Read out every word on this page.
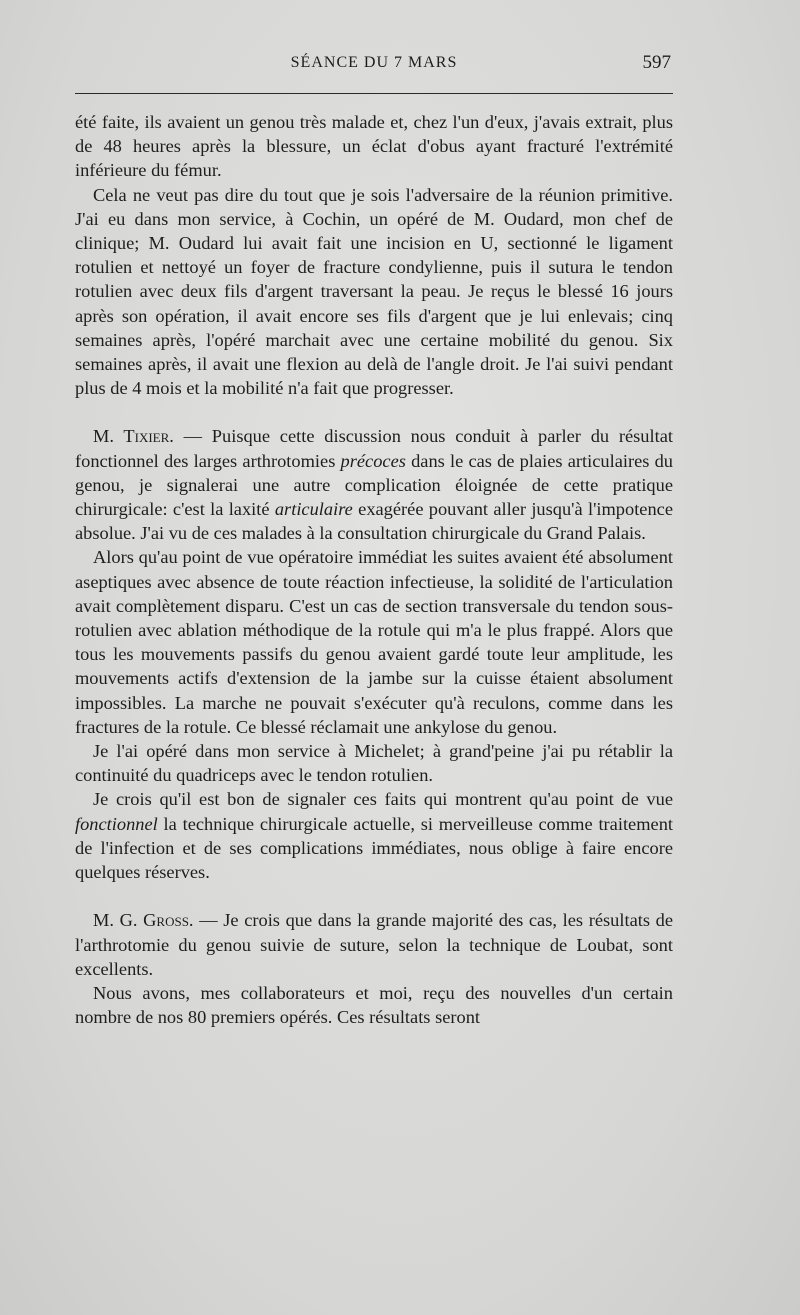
SÉANCE DU 7 MARS	597

été faite, ils avaient un genou très malade et, chez l'un d'eux, j'avais extrait, plus de 48 heures après la blessure, un éclat d'obus ayant fracturé l'extrémité inférieure du fémur.

Cela ne veut pas dire du tout que je sois l'adversaire de la réunion primitive. J'ai eu dans mon service, à Cochin, un opéré de M. Oudard, mon chef de clinique; M. Oudard lui avait fait une incision en U, sectionné le ligament rotulien et nettoyé un foyer de fracture condylienne, puis il sutura le tendon rotulien avec deux fils d'argent traversant la peau. Je reçus le blessé 16 jours après son opération, il avait encore ses fils d'argent que je lui enlevais; cinq semaines après, l'opéré marchait avec une certaine mobilité du genou. Six semaines après, il avait une flexion au delà de l'angle droit. Je l'ai suivi pendant plus de 4 mois et la mobilité n'a fait que progresser.

M. Tixier. — Puisque cette discussion nous conduit à parler du résultat fonctionnel des larges arthrotomies précoces dans le cas de plaies articulaires du genou, je signalerai une autre complication éloignée de cette pratique chirurgicale: c'est la laxité articulaire exagérée pouvant aller jusqu'à l'impotence absolue. J'ai vu de ces malades à la consultation chirurgicale du Grand Palais.

Alors qu'au point de vue opératoire immédiat les suites avaient été absolument aseptiques avec absence de toute réaction infectieuse, la solidité de l'articulation avait complètement disparu. C'est un cas de section transversale du tendon sous-rotulien avec ablation méthodique de la rotule qui m'a le plus frappé. Alors que tous les mouvements passifs du genou avaient gardé toute leur amplitude, les mouvements actifs d'extension de la jambe sur la cuisse étaient absolument impossibles. La marche ne pouvait s'exécuter qu'à reculons, comme dans les fractures de la rotule. Ce blessé réclamait une ankylose du genou.

Je l'ai opéré dans mon service à Michelet; à grand'peine j'ai pu rétablir la continuité du quadriceps avec le tendon rotulien.

Je crois qu'il est bon de signaler ces faits qui montrent qu'au point de vue fonctionnel la technique chirurgicale actuelle, si merveilleuse comme traitement de l'infection et de ses complications immédiates, nous oblige à faire encore quelques réserves.

M. G. Gross. — Je crois que dans la grande majorité des cas, les résultats de l'arthrotomie du genou suivie de suture, selon la technique de Loubat, sont excellents.

Nous avons, mes collaborateurs et moi, reçu des nouvelles d'un certain nombre de nos 80 premiers opérés. Ces résultats seront
